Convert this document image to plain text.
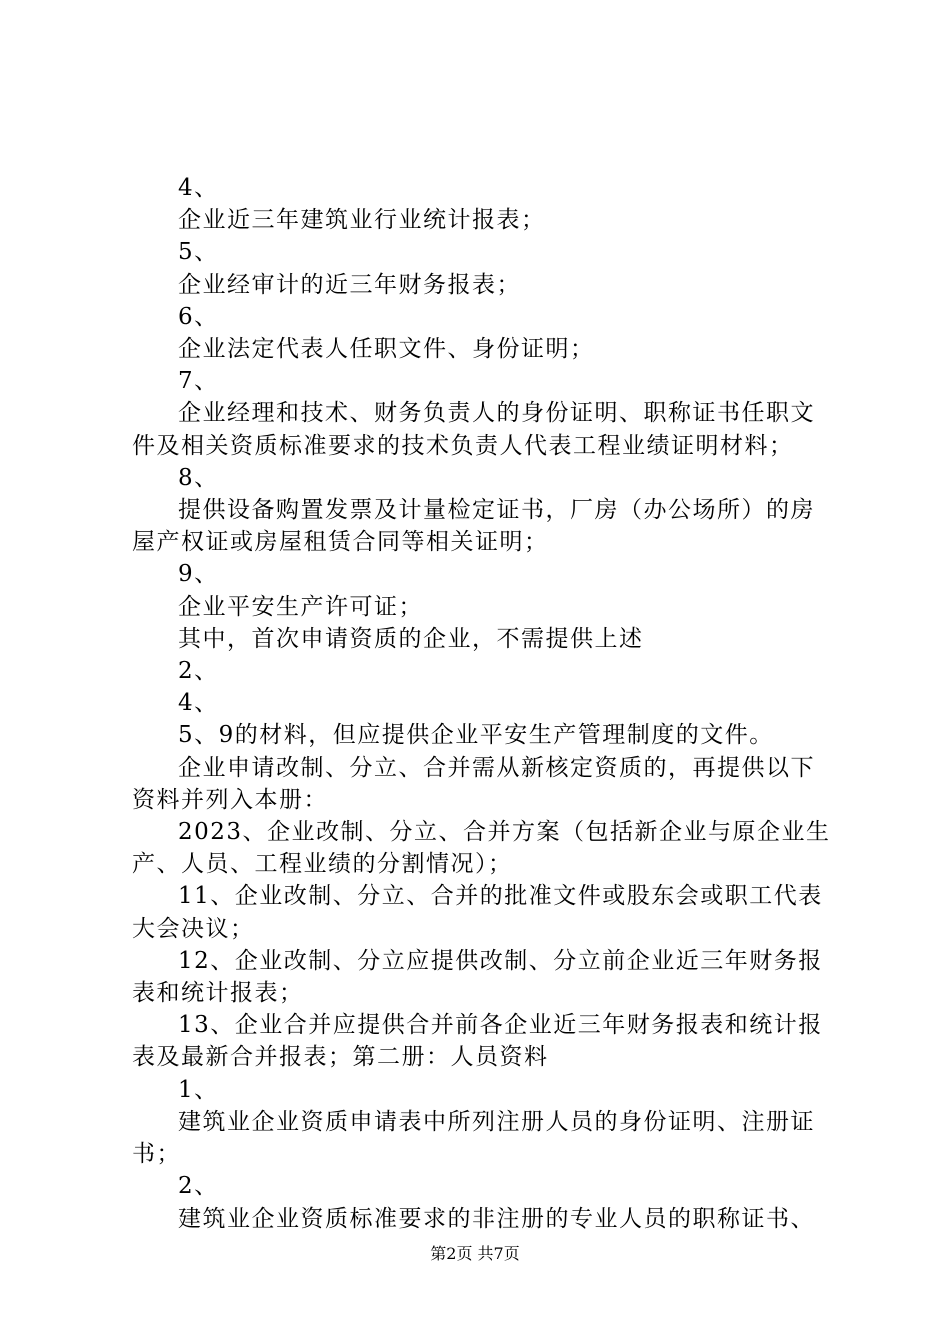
4、

企业近三年建筑业行业统计报表；

5、

企业经审计的近三年财务报表；

6、

企业法定代表人任职文件、身份证明；

7、

企业经理和技术、财务负责人的身份证明、职称证书任职文件及相关资质标准要求的技术负责人代表工程业绩证明材料；

8、

提供设备购置发票及计量检定证书，厂房（办公场所）的房屋产权证或房屋租赁合同等相关证明；

9、

企业平安生产许可证；

其中，首次申请资质的企业，不需提供上述

2、

4、

5、9的材料，但应提供企业平安生产管理制度的文件。

企业申请改制、分立、合并需从新核定资质的，再提供以下资料并列入本册：

2023、企业改制、分立、合并方案（包括新企业与原企业生产、人员、工程业绩的分割情况）；

11、企业改制、分立、合并的批准文件或股东会或职工代表大会决议；

12、企业改制、分立应提供改制、分立前企业近三年财务报表和统计报表；

13、企业合并应提供合并前各企业近三年财务报表和统计报表及最新合并报表；第二册：人员资料

1、

建筑业企业资质申请表中所列注册人员的身份证明、注册证书；

2、

建筑业企业资质标准要求的非注册的专业人员的职称证书、

第2页 共7页
